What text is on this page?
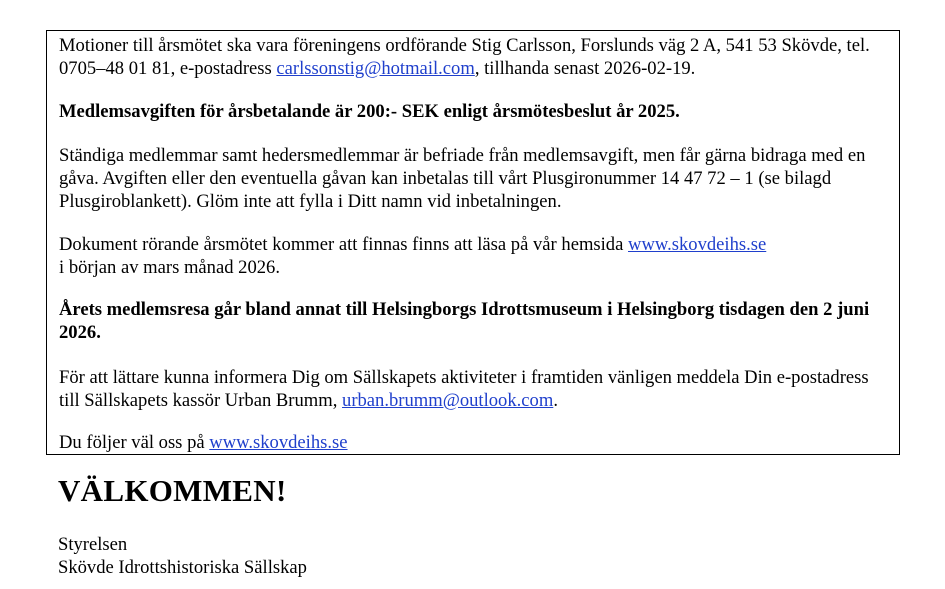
Motioner till årsmötet ska vara föreningens ordförande Stig Carlsson, Forslunds väg 2 A, 541 53 Skövde, tel. 0705–48 01 81, e-postadress carlssonstig@hotmail.com, tillhanda senast 2026-02-19.

Medlemsavgiften för årsbetalande är 200:- SEK enligt årsmötesbeslut år 2025.

Ständiga medlemmar samt hedersmedlemmar är befriade från medlemsavgift, men får gärna bidraga med en gåva. Avgiften eller den eventuella gåvan kan inbetalas till vårt Plusgironummer 14 47 72 – 1 (se bilagd Plusgiroblankett). Glöm inte att fylla i Ditt namn vid inbetalningen.

Dokument rörande årsmötet kommer att finnas finns att läsa på vår hemsida www.skovdeihs.se
i början av mars månad 2026.

Årets medlemsresa går bland annat till Helsingborgs Idrottsmuseum i Helsingborg tisdagen den 2 juni 2026.

För att lättare kunna informera Dig om Sällskapets aktiviteter i framtiden vänligen meddela Din e-postadress till Sällskapets kassör Urban Brumm, urban.brumm@outlook.com.

Du följer väl oss på www.skovdeihs.se

VÄLKOMMEN!

Styrelsen

Skövde Idrottshistoriska Sällskap
